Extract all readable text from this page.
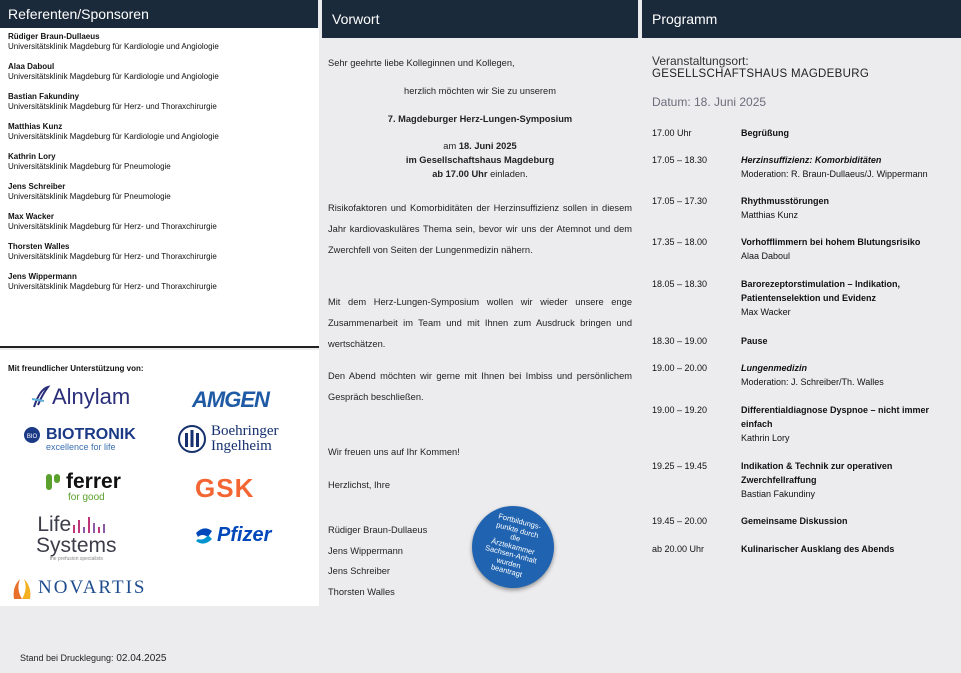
Referenten/Sponsoren
Rüdiger Braun-Dullaeus
Universitätsklinik Magdeburg für Kardiologie und Angiologie
Alaa Daboul
Universitätsklinik Magdeburg für Kardiologie und Angiologie
Bastian Fakundiny
Universitätsklinik Magdeburg für Herz- und Thoraxchirurgie
Matthias Kunz
Universitätsklinik Magdeburg für Kardiologie und Angiologie
Kathrin Lory
Universitätsklinik Magdeburg für Pneumologie
Jens Schreiber
Universitätsklinik Magdeburg für Pneumologie
Max Wacker
Universitätsklinik Magdeburg für Herz- und Thoraxchirurgie
Thorsten Walles
Universitätsklinik Magdeburg für Herz- und Thoraxchirurgie
Jens Wippermann
Universitätsklinik Magdeburg für Herz- und Thoraxchirurgie
Mit freundlicher Unterstützung von:
Alnylam	AMGEN
BIO BIOTRONIK
excellence for life
Boehringer
Ingelheim
ferrer
for good	GSK
Life
Systems
the prefusion specialists
Pfizer
NOVARTIS
Stand bei Drucklegung: 02.04.2025
Vorwort
Sehr geehrte liebe Kolleginnen und Kollegen,
herzlich möchten wir Sie zu unserem
7. Magdeburger Herz-Lungen-Symposium
am 18. Juni 2025
im Gesellschaftshaus Magdeburg
ab 17.00 Uhr einladen.
Risikofaktoren und Komorbiditäten der Herzinsuffizienz sollen in diesem Jahr kardiovaskuläres Thema sein, bevor wir uns der Atemnot und dem Zwerchfell von Seiten der Lungenmedizin nähern.
Mit dem Herz-Lungen-Symposium wollen wir wieder unsere enge Zusammenarbeit im Team und mit Ihnen zum Ausdruck bringen und wertschätzen.
Den Abend möchten wir gerne mit Ihnen bei Imbiss und persönlichem Gespräch beschließen.
Wir freuen uns auf Ihr Kommen!
Herzlichst, Ihre
Rüdiger Braun-Dullaeus
Jens Wippermann
Jens Schreiber
Thorsten Walles
Fortbildungs-
punkte durch
die
Ärztekammer
Sachsen-Anhalt
wurden
beantragt
Programm
Veranstaltungsort:
GESELLSCHAFTSHAUS MAGDEBURG
Datum: 18. Juni 2025
17.00 Uhr	Begrüßung
17.05 – 18.30	Herzinsuffizienz: Komorbiditäten
Moderation: R. Braun-Dullaeus/J. Wippermann
17.05 – 17.30	Rhythmusstörungen
Matthias Kunz
17.35 – 18.00	Vorhofflimmern bei hohem Blutungsrisiko
Alaa Daboul
18.05 – 18.30	Barorezeptorstimulation – Indikation, Patientenselektion und Evidenz
Max Wacker
18.30 – 19.00	Pause
19.00 – 20.00	Lungenmedizin
Moderation: J. Schreiber/Th. Walles
19.00 – 19.20	Differentialdiagnose Dyspnoe – nicht immer einfach
Kathrin Lory
19.25 – 19.45	Indikation & Technik zur operativen Zwerchfellraffung
Bastian Fakundiny
19.45 – 20.00	Gemeinsame Diskussion
ab 20.00 Uhr	Kulinarischer Ausklang des Abends
